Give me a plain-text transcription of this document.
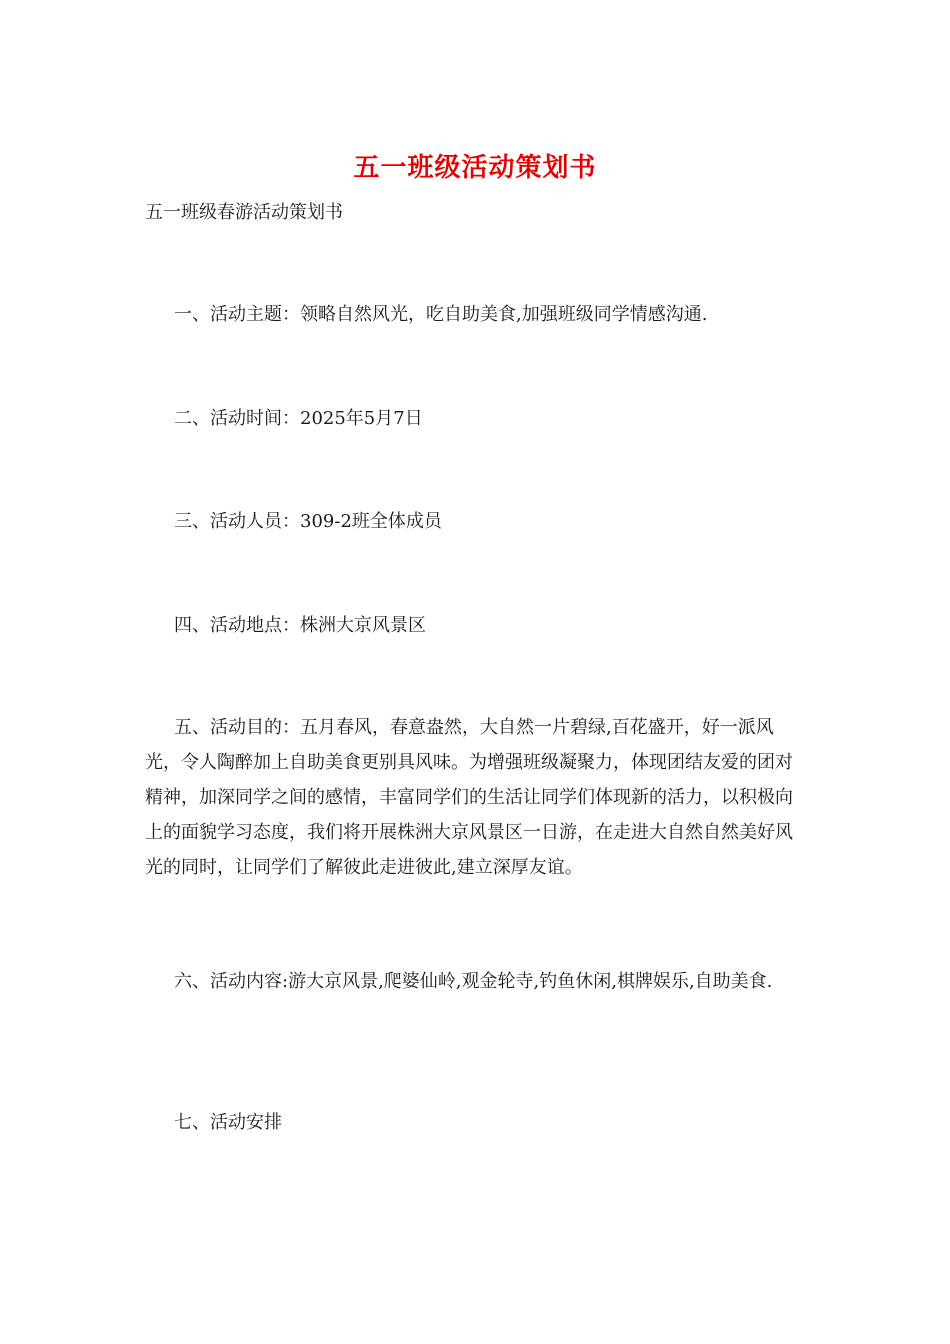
五一班级活动策划书
五一班级春游活动策划书

一、活动主题：领略自然风光，吃自助美食,加强班级同学情感沟通.

二、活动时间：2025年5月7日

三、活动人员：309-2班全体成员

四、活动地点：株洲大京风景区

五、活动目的：五月春风，春意盎然，大自然一片碧绿,百花盛开，好一派风光，令人陶醉加上自助美食更别具风味。为增强班级凝聚力，体现团结友爱的团对精神，加深同学之间的感情，丰富同学们的生活让同学们体现新的活力，以积极向上的面貌学习态度，我们将开展株洲大京风景区一日游，在走进大自然自然美好风光的同时，让同学们了解彼此走进彼此,建立深厚友谊。

六、活动内容:游大京风景,爬婆仙岭,观金轮寺,钓鱼休闲,棋牌娱乐,自助美食.

七、活动安排
